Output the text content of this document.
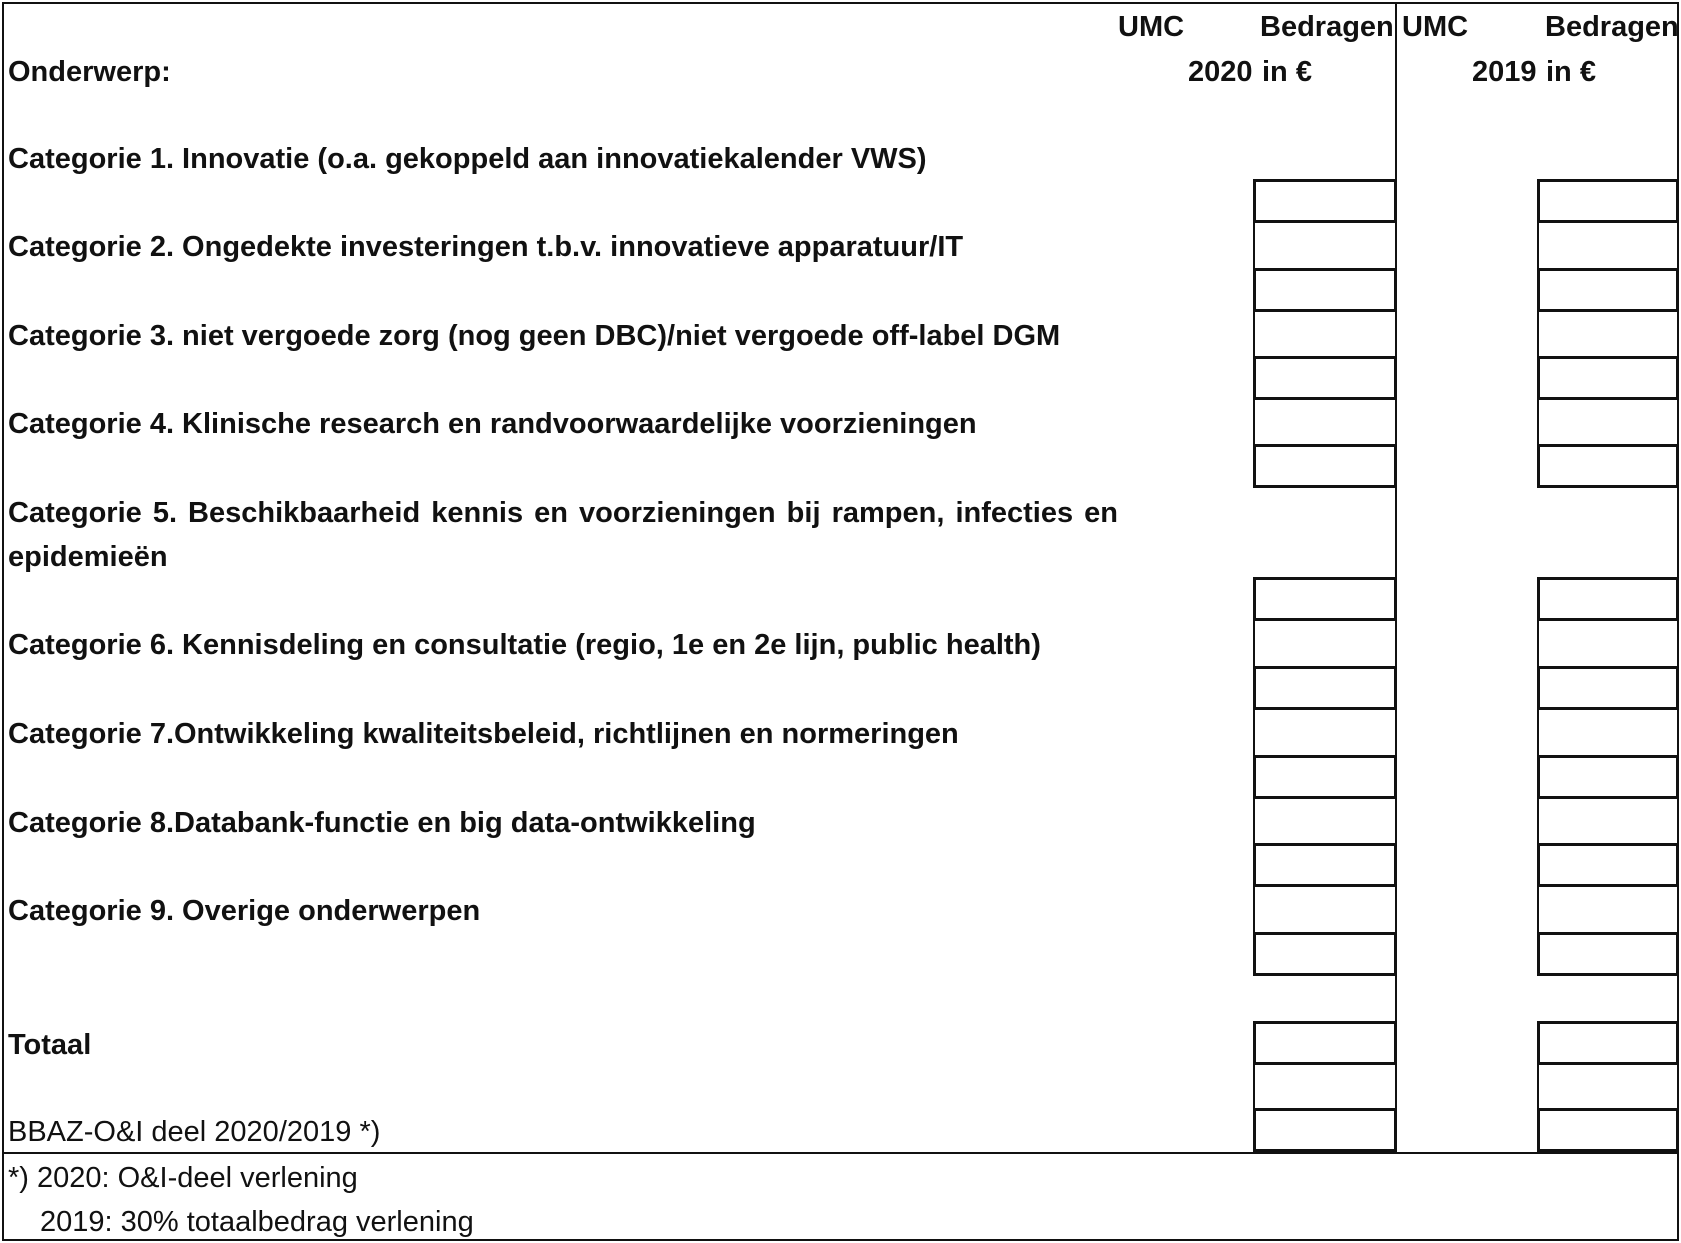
UMC	Bedragen UMC	Bedragen
Onderwerp:	2020 in €	2019 in €
Categorie 1. Innovatie (o.a. gekoppeld aan innovatiekalender VWS)
Categorie 2. Ongedekte investeringen t.b.v. innovatieve apparatuur/IT
Categorie 3. niet vergoede zorg (nog geen DBC)/niet vergoede off-label DGM
Categorie 4. Klinische research en randvoorwaardelijke voorzieningen
Categorie 5. Beschikbaarheid kennis en voorzieningen bij rampen, infecties en epidemieën
Categorie 6. Kennisdeling en consultatie (regio, 1e en 2e lijn, public health)
Categorie 7.Ontwikkeling kwaliteitsbeleid, richtlijnen en normeringen
Categorie 8.Databank-functie en big data-ontwikkeling
Categorie 9. Overige onderwerpen
Totaal
BBAZ-O&I deel 2020/2019 *)
*) 2020: O&I-deel verlening
2019: 30% totaalbedrag verlening
